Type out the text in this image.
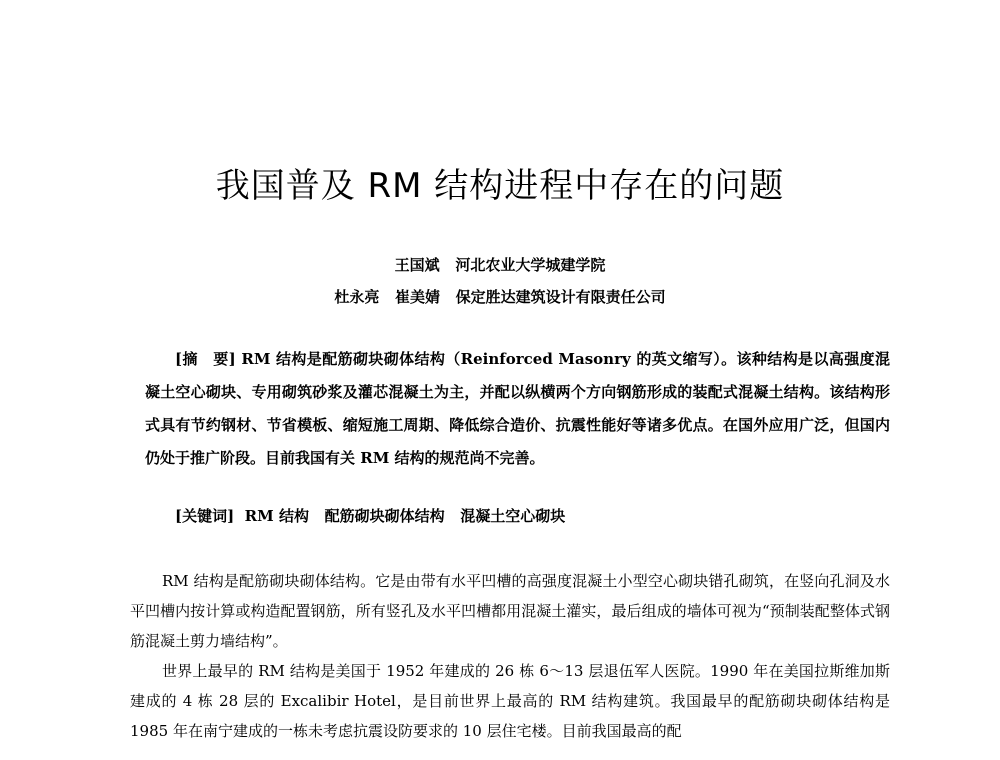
我国普及 RM 结构进程中存在的问题
王国斌 河北农业大学城建学院
杜永亮   崔美婧 保定胜达建筑设计有限责任公司
[摘　要] RM 结构是配筋砌块砌体结构（Reinforced Masonry 的英文缩写）。该种结构是以高强度混凝土空心砌块、专用砌筑砂浆及灌芯混凝土为主，并配以纵横两个方向钢筋形成的装配式混凝土结构。该结构形式具有节约钢材、节省模板、缩短施工周期、降低综合造价、抗震性能好等诸多优点。在国外应用广泛，但国内仍处于推广阶段。目前我国有关 RM 结构的规范尚不完善。
[关键词] RM 结构   配筋砌块砌体结构   混凝土空心砌块

RM 结构是配筋砌块砌体结构。它是由带有水平凹槽的高强度混凝土小型空心砌块错孔砌筑，在竖向孔洞及水平凹槽内按计算或构造配置钢筋，所有竖孔及水平凹槽都用混凝土灌实，最后组成的墙体可视为“预制装配整体式钢筋混凝土剪力墙结构”。

世界上最早的 RM 结构是美国于 1952 年建成的 26 栋 6～13 层退伍军人医院。1990 年在美国拉斯维加斯建成的 4 栋 28 层的 Excalibir Hotel，是目前世界上最高的 RM 结构建筑。我国最早的配筋砌块砌体结构是 1985 年在南宁建成的一栋未考虑抗震设防要求的 10 层住宅楼。目前我国最高的配
